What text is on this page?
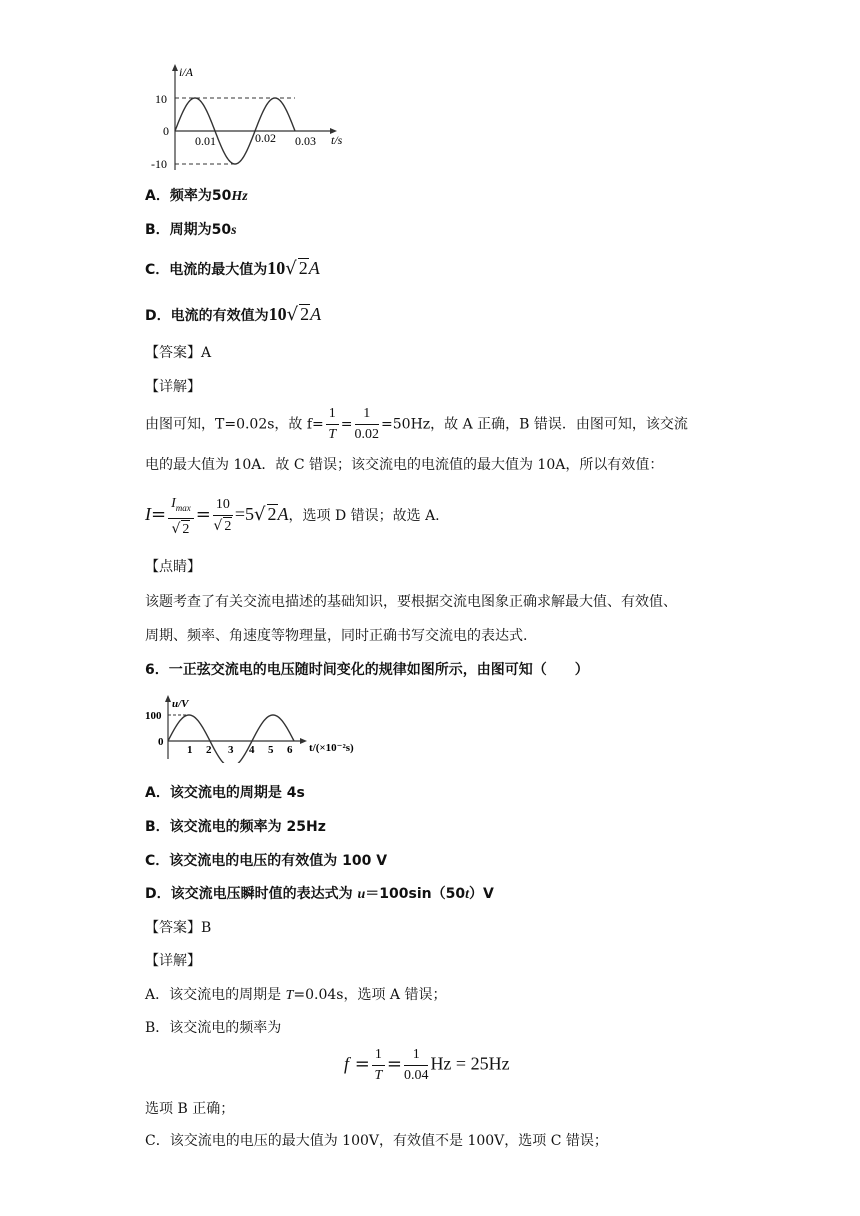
i/A
10
0
-10
0.01	0.02 0.03 t/s
A．频率为50Hz
B．周期为50s
C．电流的最大值为10√ 2A
D．电流的有效值为10√ 2A
【答案】A
【详解】
由图可知，T=0.02s，故 $f= \frac{1}{T} = \frac{1}{0.02} =50Hz$，故 A 正确，B 错误．由图可知，该交流
电的最大值为 10A．故 C 错误；该交流电的电流值的最大值为 10A，所以有效值：
$I= \frac{I_{max}}{√ 2} = \frac{10}{√ 2} =5√$ 2A，选项 D 错误；故选 A.
【点睛】
该题考查了有关交流电描述的基础知识，要根据交流电图象正确求解最大值、有效值、
周期、频率、角速度等物理量，同时正确书写交流电的表达式.
6．一正弦交流电的电压随时间变化的规律如图所示，由图可知（　　）
u/V
100
0
1 2 3 4 5 6 t/(×10⁻²s)
A．该交流电的周期是 4s
B．该交流电的频率为 25Hz
C．该交流电的电压的有效值为 100 V
D．该交流电压瞬时值的表达式为 u＝100sin（50t）V
【答案】B
【详解】
A．该交流电的周期是 T=0.04s，选项 A 错误；
B．该交流电的频率为
$f = \frac{1}{T} = \frac{1}{0.04}$ Hz = 25Hz
选项 B 正确；
C．该交流电的电压的最大值为 100V，有效值不是 100V，选项 C 错误；
